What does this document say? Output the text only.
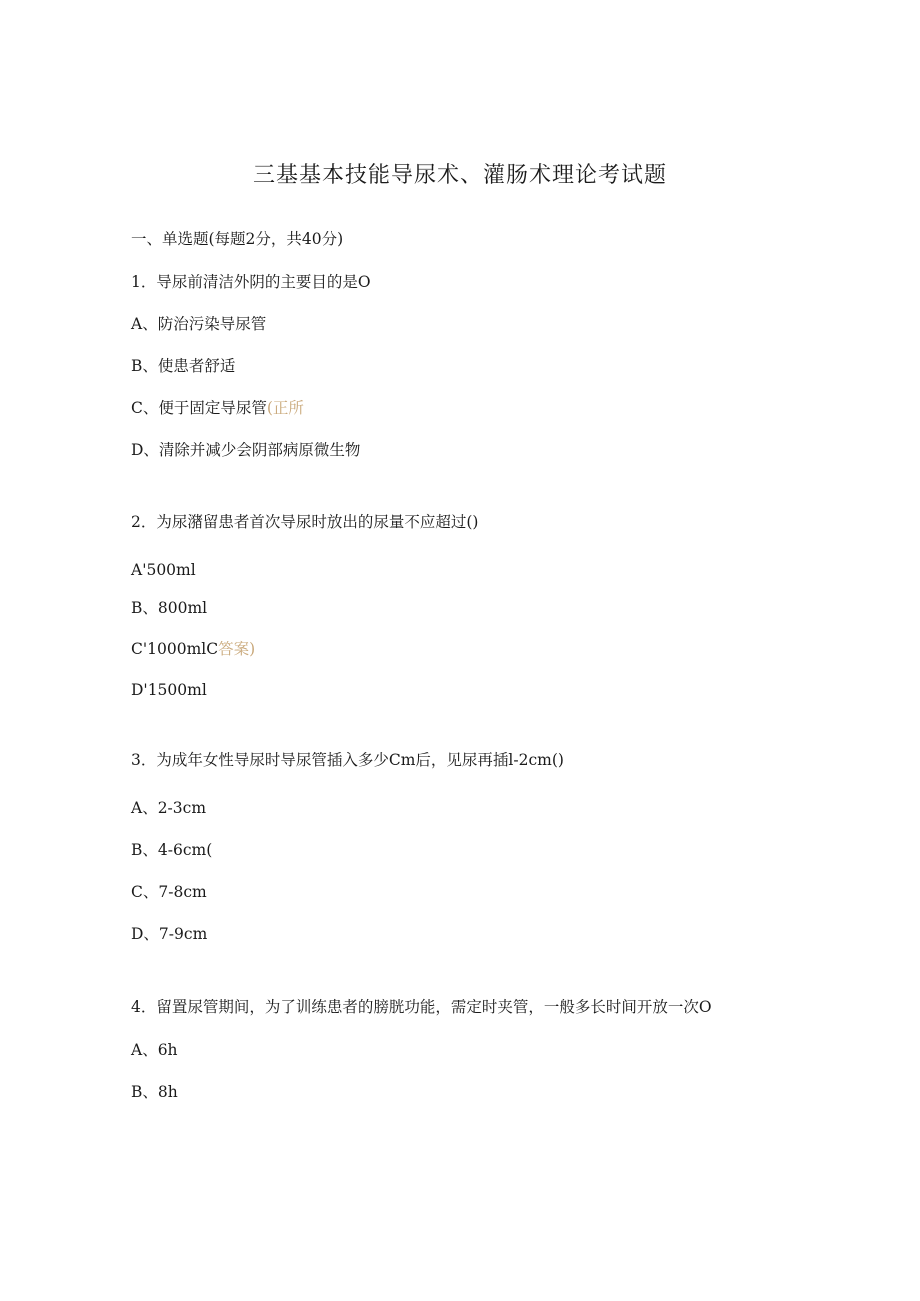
三基基本技能导尿术、灌肠术理论考试题
一、单选题(每题2分，共40分)
1．导尿前清洁外阴的主要目的是O
A、防治污染导尿管
B、使患者舒适
C、便于固定导尿管(正所
D、清除并减少会阴部病原微生物
2．为尿潴留患者首次导尿时放出的尿量不应超过()
A'500ml
B、800ml
C'1000mlC答案)
D'1500ml
3．为成年女性导尿时导尿管插入多少Cm后，见尿再插l-2cm()
A、2-3cm
B、4-6cm(
C、7-8cm
D、7-9cm
4．留置尿管期间，为了训练患者的膀胱功能，需定时夹管，一般多长时间开放一次O
A、6h
B、8h
